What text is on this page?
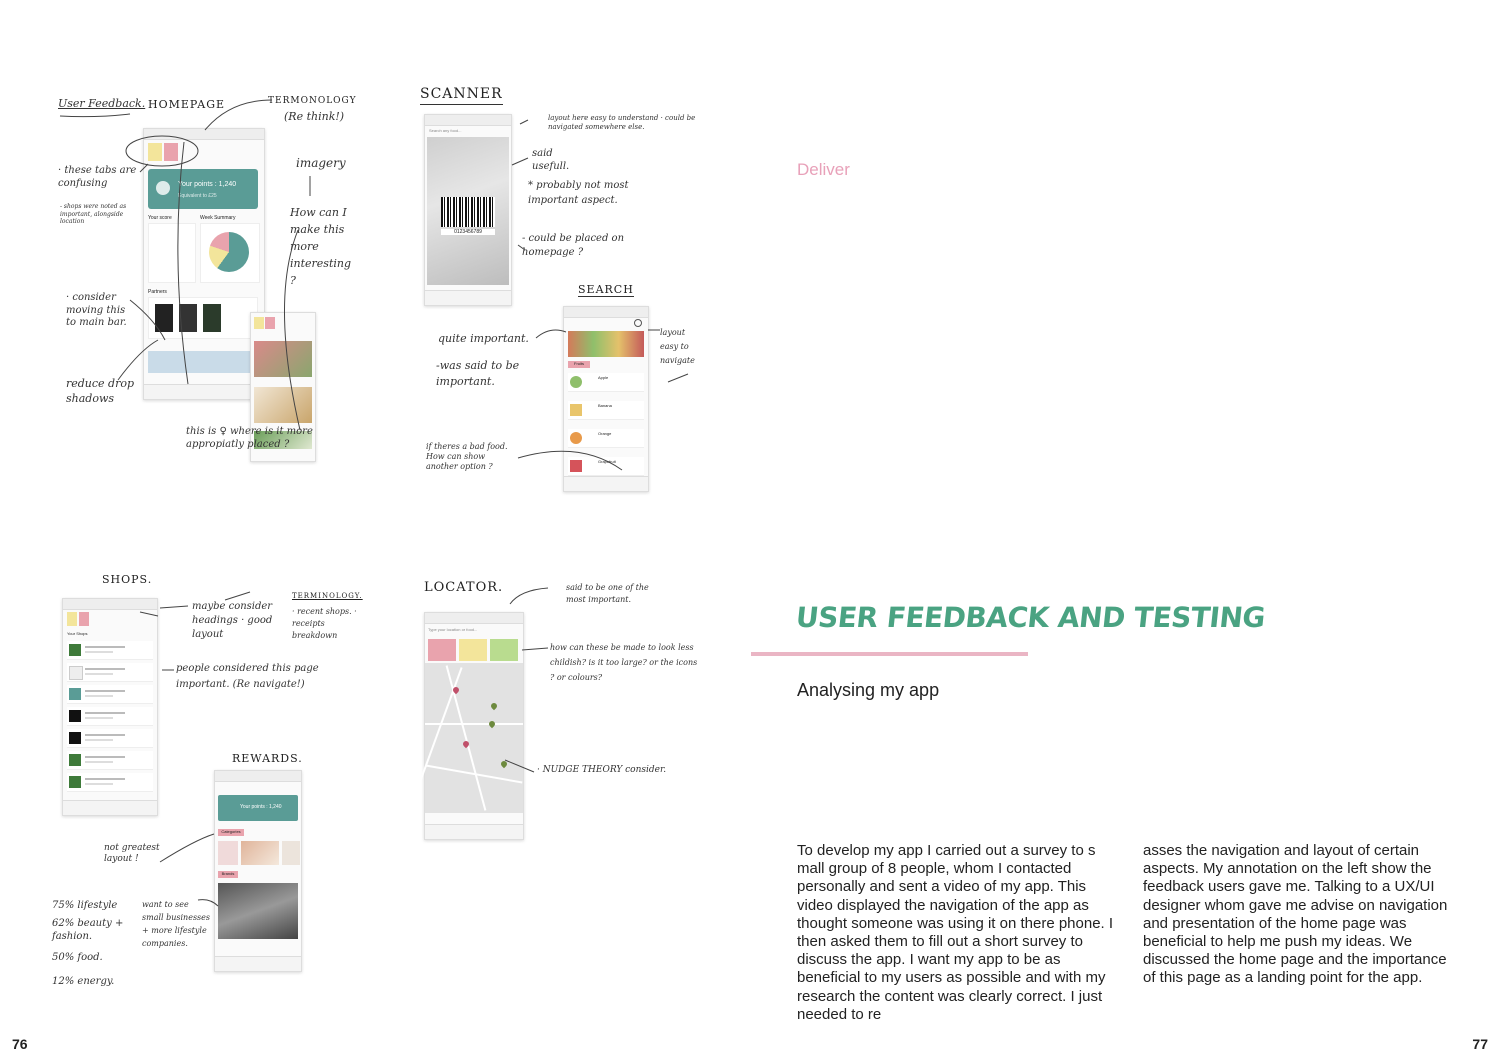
User Feedback. HOMEPAGE	TERMONOLOGY
(Re think!)
Your points : 1,240
Equivalent to £25
Your score	Week Summary
Partners
· these tabs are confusing
- shops were noted as important, alongside location
imagery
How can I make this more interesting ?
· consider moving this to main bar.
reduce drop shadows
this is ♀ where is it more appropiatly placed ?
SCANNER
Search any food...
0123456789
layout here easy to understand · could be navigated somewhere else.
said usefull.
* probably not most important aspect.
- could be placed on homepage ?
SEARCH
Fruits
Apple
Banana
Orange
Grapefruit
layout easy to navigate
quite important.
-was said to be important.
if theres a bad food. How can show another option ?
SHOPS.
Your Shops
maybe consider headings · good layout
TERMINOLOGY.
· recent shops. · receipts breakdown
people considered this page important. (Re navigate!)
REWARDS.
Your points : 1,240
Categories
Brands
not greatest layout !
want to see small businesses + more lifestyle companies.
75% lifestyle
62% beauty + fashion.
50% food.
12% energy.
LOCATOR.
Type your location or food...
said to be one of the most important.
how can these be made to look less childish? is it too large? or the icons ? or colours?
· NUDGE THEORY consider.
76
Deliver
USER FEEDBACK AND TESTING
Analysing my app

To develop my app I carried out a survey to s mall group of 8 people, whom I contacted personally and sent a video of my app. This video displayed the navigation of the app as thought someone was using it on there phone. I then asked them to fill out a short survey to discuss the app. I want my app to be as beneficial to my users as possible and with my research the content was clearly correct. I just needed to re

asses the navigation and layout of certain aspects. My annotation on the left show the feedback users gave me. Talking to a UX/UI designer whom gave me advise on navigation and presentation of the home page was beneficial to help me push my ideas. We discussed the home page and the importance of this page as a landing point for the app.

77
